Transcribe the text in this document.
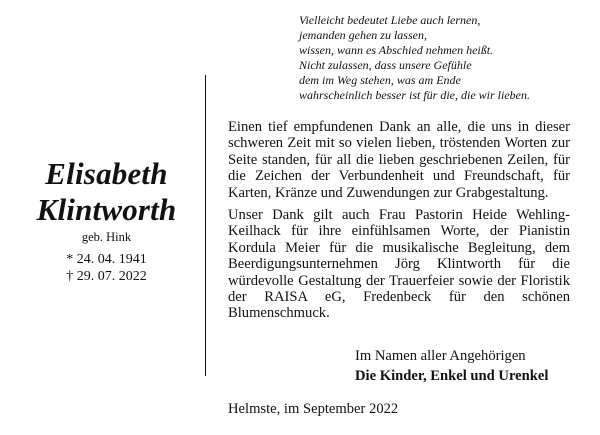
Vielleicht bedeutet Liebe auch lernen,
jemanden gehen zu lassen,
wissen, wann es Abschied nehmen heißt.
Nicht zulassen, dass unsere Gefühle
dem im Weg stehen, was am Ende
wahrscheinlich besser ist für die, die wir lieben.
Elisabeth
Klintworth
geb. Hink
* 24. 04. 1941
† 29. 07. 2022

Einen tief empfundenen Dank an alle, die uns in dieser schweren Zeit mit so vielen lieben, tröstenden Worten zur Seite standen, für all die lieben geschriebenen Zeilen, für die Zeichen der Verbundenheit und Freundschaft, für Karten, Kränze und Zuwendungen zur Grabgestaltung.

Unser Dank gilt auch Frau Pastorin Heide Wehling-Keilhack für ihre einfühlsamen Worte, der Pianistin Kordula Meier für die musikalische Begleitung, dem Beerdigungsunternehmen Jörg Klintworth für die würdevolle Gestaltung der Trauerfeier sowie der Floristik der RAISA eG, Fredenbeck für den schönen Blumenschmuck.

Im Namen aller Angehörigen
Die Kinder, Enkel und Urenkel
Helmste, im September 2022
